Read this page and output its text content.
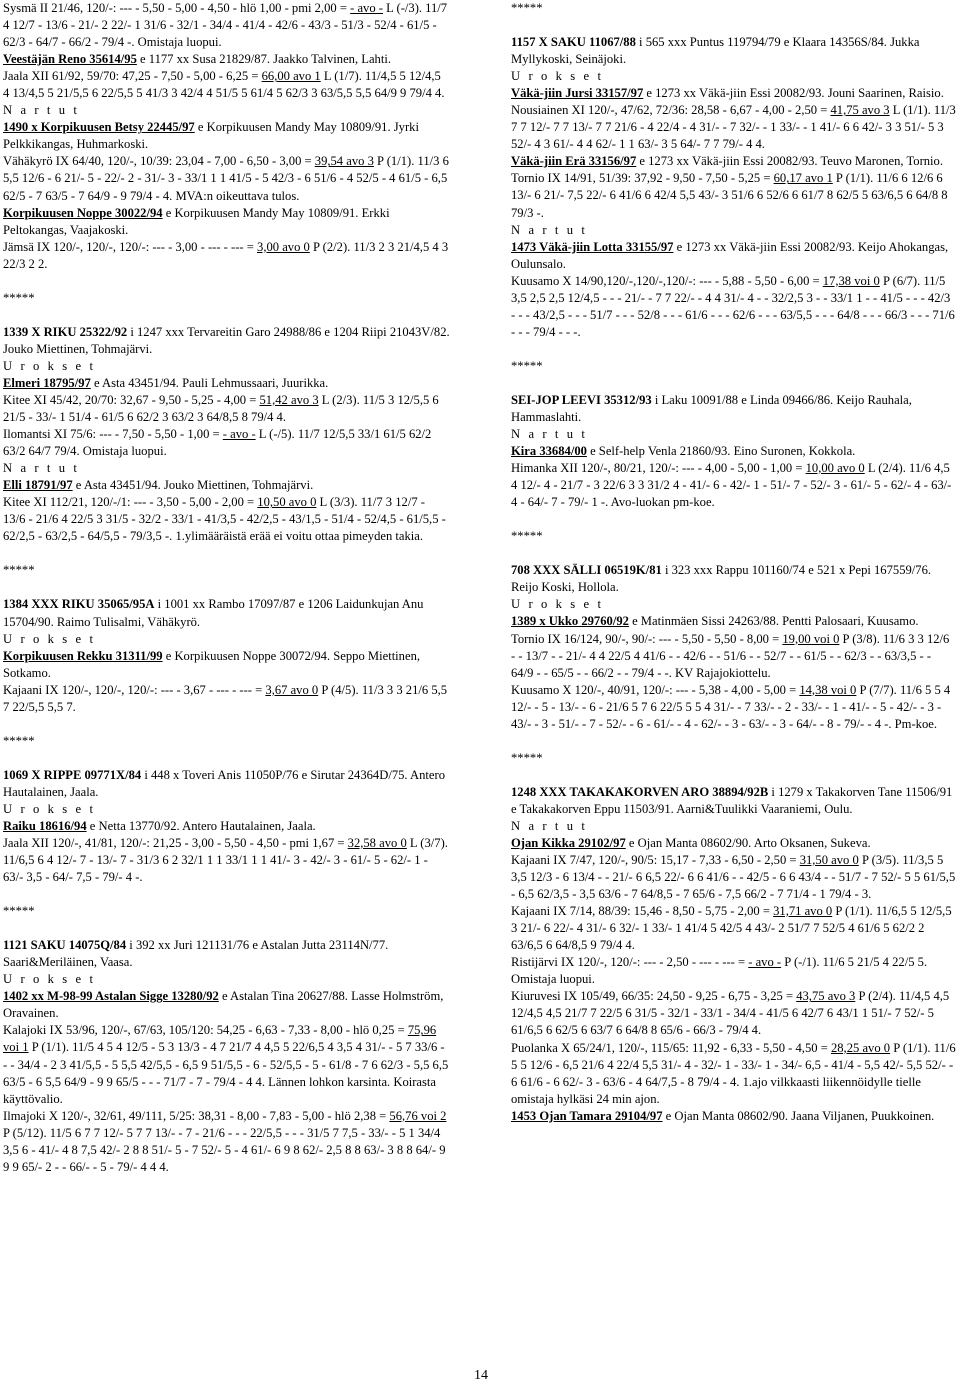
Sysmä II 21/46, 120/-: --- - 5,50 - 5,00 - 4,50 - hlö 1,00 - pmi 2,00 = - avo - L (-/3). 11/7 4 12/7 - 13/6 - 21/- 2 22/- 1 31/6 - 32/1 - 34/4 - 41/4 - 42/6 - 43/3 - 51/3 - 52/4 - 61/5 - 62/3 - 64/7 - 66/2 - 79/4 -. Omistaja luopui.

Veestäjän Reno 35614/95 e 1177 xx Susa 21829/87. Jaakko Talvinen, Lahti.

Jaala XII 61/92, 59/70: 47,25 - 7,50 - 5,00 - 6,25 = 66,00 avo 1 L (1/7). 11/4,5 5 12/4,5 4 13/4,5 5 21/5,5 6 22/5,5 5 41/3 3 42/4 4 51/5 5 61/4 5 62/3 3 63/5,5 5,5 64/9 9 79/4 4.

N a r t u t

1490 x Korpikuusen Betsy 22445/97 e Korpikuusen Mandy May 10809/91. Jyrki Pelkkikangas, Huhmarkoski.

Vähäkyrö IX 64/40, 120/-, 10/39: 23,04 - 7,00 - 6,50 - 3,00 = 39,54 avo 3 P (1/1). 11/3 6 5,5 12/6 - 6 21/- 5 - 22/- 2 - 31/- 3 - 33/1 1 1 41/5 - 5 42/3 - 6 51/6 - 4 52/5 - 4 61/5 - 6,5 62/5 - 7 63/5 - 7 64/9 - 9 79/4 - 4. MVA:n oikeuttava tulos.

Korpikuusen Noppe 30022/94 e Korpikuusen Mandy May 10809/91. Erkki Peltokangas, Vaajakoski.

Jämsä IX 120/-, 120/-, 120/-: --- - 3,00 - --- - --- = 3,00 avo 0 P (2/2). 11/3 2 3 21/4,5 4 3 22/3 2 2.

*****

1339 X RIKU 25322/92 i 1247 xxx Tervareitin Garo 24988/86 e 1204 Riipi 21043V/82. Jouko Miettinen, Tohmajärvi.

U r o k s e t

Elmeri 18795/97 e Asta 43451/94. Pauli Lehmussaari, Juurikka.

Kitee XI 45/42, 20/70: 32,67 - 9,50 - 5,25 - 4,00 = 51,42 avo 3 L (2/3). 11/5 3 12/5,5 6 21/5 - 33/- 1 51/4 - 61/5 6 62/2 3 63/2 3 64/8,5 8 79/4 4.

Ilomantsi XI 75/6: --- - 7,50 - 5,50 - 1,00 = - avo - L (-/5). 11/7 12/5,5 33/1 61/5 62/2 63/2 64/7 79/4. Omistaja luopui.

N a r t u t

Elli 18791/97 e Asta 43451/94. Jouko Miettinen, Tohmajärvi.

Kitee XI 112/21, 120/-/1: --- - 3,50 - 5,00 - 2,00 = 10,50 avo 0 L (3/3). 11/7 3 12/7 - 13/6 - 21/6 4 22/5 3 31/5 - 32/2 - 33/1 - 41/3,5 - 42/2,5 - 43/1,5 - 51/4 - 52/4,5 - 61/5,5 - 62/2,5 - 63/2,5 - 64/5,5 - 79/3,5 -. 1.ylimääräistä erää ei voitu ottaa pimeyden takia.

*****

1384 XXX RIKU 35065/95A i 1001 xx Rambo 17097/87 e 1206 Laidunkujan Anu 15704/90. Raimo Tulisalmi, Vähäkyrö.

U r o k s e t

Korpikuusen Rekku 31311/99 e Korpikuusen Noppe 30072/94. Seppo Miettinen, Sotkamo.

Kajaani IX 120/-, 120/-, 120/-: --- - 3,67 - --- - --- = 3,67 avo 0 P (4/5). 11/3 3 3 21/6 5,5 7 22/5,5 5,5 7.

*****

1069 X RIPPE 09771X/84 i 448 x Toveri Anis 11050P/76 e Sirutar 24364D/75. Antero Hautalainen, Jaala.

U r o k s e t

Raiku 18616/94 e Netta 13770/92. Antero Hautalainen, Jaala.

Jaala XII 120/-, 41/81, 120/-: 21,25 - 3,00 - 5,50 - 4,50 - pmi 1,67 = 32,58 avo 0 L (3/7). 11/6,5 6 4 12/- 7 - 13/- 7 - 31/3 6 2 32/1 1 1 33/1 1 1 41/- 3 - 42/- 3 - 61/- 5 - 62/- 1 - 63/- 3,5 - 64/- 7,5 - 79/- 4 -.

*****

1121 SAKU 14075Q/84 i 392 xx Juri 121131/76 e Astalan Jutta 23114N/77. Saari&Meriläinen, Vaasa.

U r o k s e t

1402 xx M-98-99 Astalan Sigge 13280/92 e Astalan Tina 20627/88. Lasse Holmström, Oravainen.

Kalajoki IX 53/96, 120/-, 67/63, 105/120: 54,25 - 6,63 - 7,33 - 8,00 - hlö 0,25 = 75,96 voi 1 P (1/1). 11/5 4 5 4 12/5 - 5 3 13/3 - 4 7 21/7 4 4,5 5 22/6,5 4 3,5 4 31/- - 5 7 33/6 - - - 34/4 - 2 3 41/5,5 - 5 5,5 42/5,5 - 6,5 9 51/5,5 - 6 - 52/5,5 - 5 - 61/8 - 7 6 62/3 - 5,5 6,5 63/5 - 6 5,5 64/9 - 9 9 65/5 - - - 71/7 - 7 - 79/4 - 4 4. Lännen lohkon karsinta. Koirasta käyttövalio.

Ilmajoki X 120/-, 32/61, 49/111, 5/25: 38,31 - 8,00 - 7,83 - 5,00 - hlö 2,38 = 56,76 voi 2 P (5/12). 11/5 6 7 7 12/- 5 7 7 13/- - 7 - 21/6 - - - 22/5,5 - - - 31/5 7 7,5 - 33/- - 5 1 34/4 3,5 6 - 41/- 4 8 7,5 42/- 2 8 8 51/- 5 - 7 52/- 5 - 4 61/- 6 9 8 62/- 2,5 8 8 63/- 3 8 8 64/- 9 9 9 65/- 2 - - 66/- - 5 - 79/- 4 4 4.

*****

1157 X SAKU 11067/88 i 565 xxx Puntus 119794/79 e Klaara 14356S/84. Jukka Myllykoski, Seinäjoki.

U r o k s e t

Väkä-jiin Jursi 33157/97 e 1273 xx Väkä-jiin Essi 20082/93. Jouni Saarinen, Raisio.

Nousiainen XI 120/-, 47/62, 72/36: 28,58 - 6,67 - 4,00 - 2,50 = 41,75 avo 3 L (1/1). 11/3 7 7 12/- 7 7 13/- 7 7 21/6 - 4 22/4 - 4 31/- - 7 32/- - 1 33/- - 1 41/- 6 6 42/- 3 3 51/- 5 3 52/- 4 3 61/- 4 4 62/- 1 1 63/- 3 5 64/- 7 7 79/- 4 4.

Väkä-jiin Erä 33156/97 e 1273 xx Väkä-jiin Essi 20082/93. Teuvo Maronen, Tornio.

Tornio IX 14/91, 51/39: 37,92 - 9,50 - 7,50 - 5,25 = 60,17 avo 1 P (1/1). 11/6 6 12/6 6 13/- 6 21/- 7,5 22/- 6 41/6 6 42/4 5,5 43/- 3 51/6 6 52/6 6 61/7 8 62/5 5 63/6,5 6 64/8 8 79/3 -.

N a r t u t

1473 Väkä-jiin Lotta 33155/97 e 1273 xx Väkä-jiin Essi 20082/93. Keijo Ahokangas, Oulunsalo.

Kuusamo X 14/90,120/-,120/-,120/-: --- - 5,88 - 5,50 - 6,00 = 17,38 voi 0 P (6/7). 11/5 3,5 2,5 2,5 12/4,5 - - - 21/- - 7 7 22/- - 4 4 31/- 4 - - 32/2,5 3 - - 33/1 1 - - 41/5 - - - 42/3 - - - 43/2,5 - - - 51/7 - - - 52/8 - - - 61/6 - - - 62/6 - - - 63/5,5 - - - 64/8 - - - 66/3 - - - 71/6 - - - 79/4 - - -.

*****

SEI-JOP LEEVI 35312/93 i Laku 10091/88 e Linda 09466/86. Keijo Rauhala, Hammaslahti.

N a r t u t

Kira 33684/00 e Self-help Venla 21860/93. Eino Suronen, Kokkola.

Himanka XII 120/-, 80/21, 120/-: --- - 4,00 - 5,00 - 1,00 = 10,00 avo 0 L (2/4). 11/6 4,5 4 12/- 4 - 21/7 - 3 22/6 3 3 31/2 4 - 41/- 6 - 42/- 1 - 51/- 7 - 52/- 3 - 61/- 5 - 62/- 4 - 63/- 4 - 64/- 7 - 79/- 1 -. Avo-luokan pm-koe.

*****

708 XXX SÄLLI 06519K/81 i 323 xxx Rappu 101160/74 e 521 x Pepi 167559/76. Reijo Koski, Hollola.

U r o k s e t

1389 x Ukko 29760/92 e Matinmäen Sissi 24263/88. Pentti Palosaari, Kuusamo.

Tornio IX 16/124, 90/-, 90/-: --- - 5,50 - 5,50 - 8,00 = 19,00 voi 0 P (3/8). 11/6 3 3 12/6 - - 13/7 - - 21/- 4 4 22/5 4 41/6 - - 42/6 - - 51/6 - - 52/7 - - 61/5 - - 62/3 - - 63/3,5 - - 64/9 - - 65/5 - - 66/2 - - 79/4 - -. KV Rajajokiottelu.

Kuusamo X 120/-, 40/91, 120/-: --- - 5,38 - 4,00 - 5,00 = 14,38 voi 0 P (7/7). 11/6 5 5 4 12/- - 5 - 13/- - 6 - 21/6 5 7 6 22/5 5 5 4 31/- - 7 33/- - 2 - 33/- - 1 - 41/- - 5 - 42/- - 3 - 43/- - 3 - 51/- - 7 - 52/- - 6 - 61/- - 4 - 62/- - 3 - 63/- - 3 - 64/- - 8 - 79/- - 4 -. Pm-koe.

*****

1248 XXX TAKAKAKORVEN ARO 38894/92B i 1279 x Takakorven Tane 11506/91 e Takakakorven Eppu 11503/91. Aarni&Tuulikki Vaaraniemi, Oulu.

N a r t u t

Ojan Kikka 29102/97 e Ojan Manta 08602/90. Arto Oksanen, Sukeva.

Kajaani IX 7/47, 120/-, 90/5: 15,17 - 7,33 - 6,50 - 2,50 = 31,50 avo 0 P (3/5). 11/3,5 5 3,5 12/3 - 6 13/4 - - 21/- 6 6,5 22/- 6 6 41/6 - - 42/5 - 6 6 43/4 - - 51/7 - 7 52/- 5 5 61/5,5 - 6,5 62/3,5 - 3,5 63/6 - 7 64/8,5 - 7 65/6 - 7,5 66/2 - 7 71/4 - 1 79/4 - 3.

Kajaani IX 7/14, 88/39: 15,46 - 8,50 - 5,75 - 2,00 = 31,71 avo 0 P (1/1). 11/6,5 5 12/5,5 3 21/- 6 22/- 4 31/- 6 32/- 1 33/- 1 41/4 5 42/5 4 43/- 2 51/7 7 52/5 4 61/6 5 62/2 2 63/6,5 6 64/8,5 9 79/4 4.

Ristijärvi IX 120/-, 120/-: --- - 2,50 - --- - --- = - avo - P (-/1). 11/6 5 21/5 4 22/5 5. Omistaja luopui.

Kiuruvesi IX 105/49, 66/35: 24,50 - 9,25 - 6,75 - 3,25 = 43,75 avo 3 P (2/4). 11/4,5 4,5 12/4,5 4,5 21/7 7 22/5 6 31/5 - 32/1 - 33/1 - 34/4 - 41/5 6 42/7 6 43/1 1 51/- 7 52/- 5 61/6,5 6 62/5 6 63/7 6 64/8 8 65/6 - 66/3 - 79/4 4.

Puolanka X 65/24/1, 120/-, 115/65: 11,92 - 6,33 - 5,50 - 4,50 = 28,25 avo 0 P (1/1). 11/6 5 5 12/6 - 6,5 21/6 4 22/4 5,5 31/- 4 - 32/- 1 - 33/- 1 - 34/- 6,5 - 41/4 - 5,5 42/- 5,5 52/- - 6 61/6 - 6 62/- 3 - 63/6 - 4 64/7,5 - 8 79/4 - 4. 1.ajo vilkkaasti liikennöidylle tielle omistaja hylkäsi 24 min ajon.

1453 Ojan Tamara 29104/97 e Ojan Manta 08602/90. Jaana Viljanen, Puukkoinen.

14
